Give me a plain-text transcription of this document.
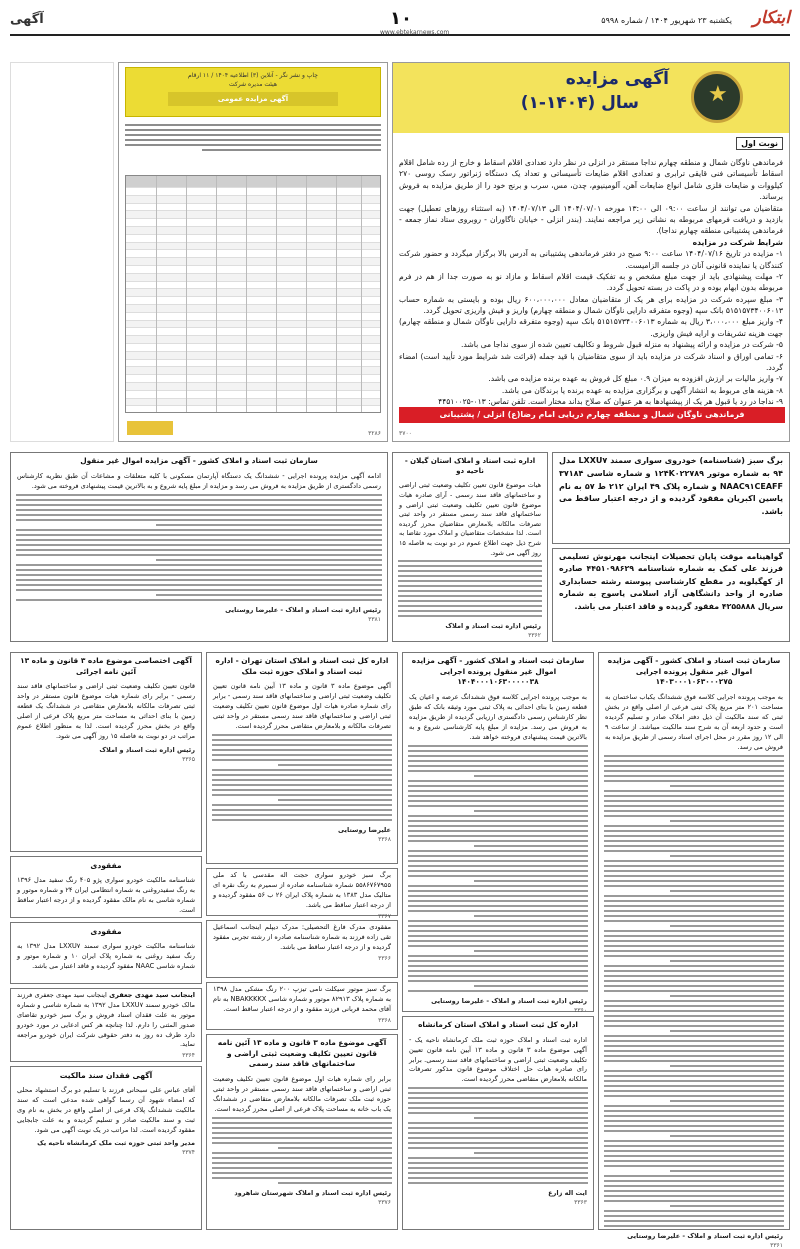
ابتکار
یکشنبه ۲۳ شهریور ۱۴۰۴ / شماره ۵۹۹۸
۱۰
www.ebtekarnews.com
آگهی
★
آگهی مزایده
سال (۱۴۰۴-۱)
نوبت اول
فرماندهی ناوگان شمال و منطقه چهارم نداجا مستقر در انزلی در نظر دارد تعدادی اقلام اسقاط و خارج از رده شامل اقلام اسقاط تأسیساتی فنی قایقی ترابری و تعدادی اقلام ضایعات تأسیساتی و تعداد یک دستگاه ژنراتور رسک روسی ۲۷۰ کیلووات و ضایعات فلزی شامل انواع ضایعات آهن، آلومینیوم، چدن، مس، سرب و برنج خود را از طریق مزایده به فروش برساند.
متقاضیان می توانند از ساعت ۰۹:۰۰ الی ۱۳:۰۰ مورخه ۱۴۰۴/۰۷/۰۱ الی ۱۴۰۴/۰۷/۱۳ (به استثناء روزهای تعطیل) جهت بازدید و دریافت فرمهای مربوطه به نشانی زیر مراجعه نمایند. (بندر انزلی - خیابان ناگاوران - روبروی ستاد نماز جمعه - فرماندهی پشتیبانی منطقه چهارم نداجا).
شرایط شرکت در مزایده
۱- مزایده در تاریخ ۱۴۰۴/۰۷/۱۶ ساعت ۹:۰۰ صبح در دفتر فرماندهی پشتیبانی به آدرس بالا برگزار میگردد و حضور شرکت کنندگان یا نماینده قانونی آنان در جلسه الزامیست.
۲- مهلت پیشنهادی باید از جهت مبلغ مشخص و به تفکیک قیمت اقلام اسقاط و مازاد نو به صورت جدا از هم در فرم مربوطه بدون ابهام بوده و در پاکت در بسته تحویل گردد.
۳- مبلغ سپرده شرکت در مزایده برای هر یک از متقاضیان معادل ۶۰۰،۰۰۰،۰۰۰ ریال بوده و بایستی به شماره حساب ۵۱۵۱۵۷۳۴۰۰۶۰۱۳ بانک سپه (وجوه متفرقه دارایی ناوگان شمال و منطقه چهارم) واریز و فیش واریزی تحویل گردد.
۴- واریز مبلغ ۳،۰۰۰،۰۰۰ ریال به شماره ۵۱۵۱۵۷۳۴۰۰۶۰۱۳ بانک سپه (وجوه متفرقه دارایی ناوگان شمال و منطقه چهارم) جهت هزینه تشریفات و ارایه فیش واریزی.
۵- شرکت در مزایده و ارائه پیشنهاد به منزله قبول شروط و تکالیف تعیین شده از سوی نداجا می باشد.
۶- تمامی اوراق و اسناد شرکت در مزایده باید از سوی متقاضیان با قید جمله (قرائت شد شرایط مورد تأیید است) امضاء گردد.
۷- واریز مالیات بر ارزش افزوده به میزان ۰.۹ مبلغ کل فروش به عهده برنده مزایده می باشد.
۸- هزینه های مربوط به انتشار آگهی و برگزاری مزایده به عهده برنده یا برندگان می باشد.
۹- نداجا در رد یا قبول هر یک از پیشنهادها به هر عنوان که صلاح بداند مختار است. تلفن تماس: ۰۱۳-۴۴۵۱۰۰۲۵
فرماندهی ناوگان شمال و منطقه چهارم دریایی امام رضا(ع) انزلی / پشتیبانی
۳۷۰۰
چاپ و نشر نگر - آنلاین (۳) اطلاعیه ۱۴۰۴ / ۱۱ ارقام
هیئت مدیره شرکت
آگهی مزایده عمومی
۳۲۸۶
برگ سبز (شناسنامه) خودروی سواری سمند LXXU۷ مدل ۹۴ به شماره موتور ۱۲۴K۰۲۲۷۸۹ و شماره شاسی ۳۷۱۸۴ NAAC۹۱CEAFF و شماره پلاک ۴۹ ایران ۲۱۲ ط ۵۷ به نام یاسین اکبریان مفقود گردیده و از درجه اعتبار ساقط می باشد.
گواهینامه موقت پایان تحصیلات اینجانب مهرنوش تسلیمی فرزند علی کمک به شماره شناسنامه ۴۴۵۱۰۹۸۶۲۹ صادره از کهگیلویه در مقطع کارشناسی پیوسته رشته حسابداری صادره از واحد دانشگاهی آزاد اسلامی یاسوج به شماره سریال ۴۲۵۵۸۸۸ مفقود گردیده و فاقد اعتبار می باشد.
اداره ثبت اسناد و املاک استان گیلان - ناحیه دو
هیات موضوع قانون تعیین تکلیف وضعیت ثبتی اراضی و ساختمانهای فاقد سند رسمی - آرای صادره هیات موضوع قانون تعیین تکلیف وضعیت ثبتی اراضی و ساختمانهای فاقد سند رسمی مستقر در واحد ثبتی تصرفات مالکانه بلامعارض متقاضیان محرز گردیده است. لذا مشخصات متقاضیان و املاک مورد تقاضا به شرح ذیل جهت اطلاع عموم در دو نوبت به فاصله ۱۵ روز آگهی می شود.
رئیس اداره ثبت اسناد و املاک
۳۳۶۲
سازمان ثبت اسناد و املاک کشور - آگهی مزایده اموال غیر منقول پرونده اجرایی ۱۴۰۳۰۰۰۱۰۶۳۰۰۰۲۷۵
به موجب پرونده اجرایی کلاسه فوق ششدانگ یکباب ساختمان به مساحت ۲۰۱ متر مربع پلاک ثبتی فرعی از اصلی واقع در بخش ثبتی که سند مالکیت آن ذیل دفتر املاک صادر و تسلیم گردیده است و حدود اربعه آن به شرح سند مالکیت میباشد. از ساعت ۹ الی ۱۲ روز مقرر در محل اجرای اسناد رسمی از طریق مزایده به فروش می رسد.
رئیس اداره ثبت اسناد و املاک - علیرضا روستایی
۳۳۶۱
سازمان ثبت اسناد و املاک کشور - آگهی مزایده اموال غیر منقول پرونده اجرایی ۱۴۰۴۰۰۰۱۰۶۳۰۰۰۰۰۳۸
به موجب پرونده اجرایی کلاسه فوق ششدانگ عرصه و اعیان یک قطعه زمین با بنای احداثی به پلاک ثبتی مورد وثیقه بانک که طبق نظر کارشناس رسمی دادگستری ارزیابی گردیده از طریق مزایده به فروش می رسد. مزایده از مبلغ پایه کارشناسی شروع و به بالاترین قیمت پیشنهادی فروخته خواهد شد.
رئیس اداره ثبت اسناد و املاک - علیرضا روستایی
۳۳۶۰
اداره کل ثبت اسناد و املاک استان کرمانشاه
اداره ثبت اسناد و املاک حوزه ثبت ملک کرمانشاه ناحیه یک - آگهی موضوع ماده ۳ قانون و ماده ۱۳ آیین نامه قانون تعیین تکلیف وضعیت ثبتی اراضی و ساختمانهای فاقد سند رسمی. برابر رای صادره هیات حل اختلاف موضوع قانون مذکور تصرفات مالکانه بلامعارض متقاضی محرز گردیده است.
ایت اله زارع
۳۳۶۳
اداره کل ثبت اسناد و املاک استان تهران - اداره ثبت اسناد و املاک حوزه ثبت ملک
آگهی موضوع ماده ۳ قانون و ماده ۱۳ آیین نامه قانون تعیین تکلیف وضعیت ثبتی اراضی و ساختمانهای فاقد سند رسمی - برابر رای شماره صادره هیات اول موضوع قانون تعیین تکلیف وضعیت ثبتی اراضی و ساختمانهای فاقد سند رسمی مستقر در واحد ثبتی تصرفات مالکانه و بلامعارض متقاضی محرز گردیده است.
علیرضا روستایی
۳۳۶۸
برگ سبز خودرو سواری حجت اله مقدسی با کد ملی ۵۵۸۶۷۶۷۹۵۵ شماره شناسنامه صادره از سمیرم به رنگ نقره ای متالیک مدل ۱۳۸۳ به شماره پلاک ایران ۲۶ ب ۵۶ مفقود گردیده و از درجه اعتبار ساقط می باشد.
۳۳۶۷
مفقودی مدرک فارغ التحصیلی: مدرک دیپلم اینجانب اسماعیل تقی زاده فرزند به شماره شناسنامه صادره از رشته تجربی مفقود گردیده و از درجه اعتبار ساقط می باشد.
۳۳۶۶
برگ سبز موتور سیکلت نامی تیزپ ۲۰۰ رنگ مشکی مدل ۱۳۹۸ به شماره پلاک ۸۲۹۱۳ موتور و شماره شاسی NBAKKKKX به نام آقای محمد قربانی فرزند مفقود و از درجه اعتبار ساقط است.
۳۳۶۸
آگهی موضوع ماده ۳ قانون و ماده ۱۳ آئین نامه قانون تعیین تکلیف وضعیت ثبتی اراضی و ساختمانهای فاقد سند رسمی
برابر رای شماره هیات اول موضوع قانون تعیین تکلیف وضعیت ثبتی اراضی و ساختمانهای فاقد سند رسمی مستقر در واحد ثبتی حوزه ثبت ملک تصرفات مالکانه بلامعارض متقاضی در ششدانگ یک باب خانه به مساحت پلاک فرعی از اصلی محرز گردیده است.
رئیس اداره ثبت اسناد و املاک شهرستان شاهرود
۳۳۷۶
آگهی اختصاصی موضوع ماده ۳ قانون و ماده ۱۳ آئین نامه اجرائی
قانون تعیین تکلیف وضعیت ثبتی اراضی و ساختمانهای فاقد سند رسمی - برابر رای شماره هیات موضوع قانون مستقر در واحد ثبتی تصرفات مالکانه بلامعارض متقاضی در ششدانگ یک قطعه زمین با بنای احداثی به مساحت متر مربع پلاک فرعی از اصلی واقع در بخش محرز گردیده است. لذا به منظور اطلاع عموم مراتب در دو نوبت به فاصله ۱۵ روز آگهی می شود.
رئیس اداره ثبت اسناد و املاک
۳۳۶۵
مفقودی
شناسنامه مالکیت خودرو سواری پژو ۴۰۵ رنگ سفید مدل ۱۳۹۶ به رنگ سفیدروغنی به شماره انتظامی ایران ۲۴ و شماره موتور و شماره شاسی به نام مالک مفقود گردیده و از درجه اعتبار ساقط است.
مفقودی
شناسنامه مالکیت خودرو سواری سمند LXXU۷ مدل ۱۳۹۲ به رنگ سفید روغنی به شماره پلاک ایران ۱۰ و شماره موتور و شماره شاسی NAAC مفقود گردیده و فاقد اعتبار می باشد.
اینجانب سید مهدی جعفری اینجانب سید مهدی جعفری فرزند مالک خودرو سمند LXXU۷ مدل ۱۳۹۲ به شماره شاسی و شماره موتور به علت فقدان اسناد فروش و برگ سبز خودرو تقاضای صدور المثنی را دارم. لذا چنانچه هر کس ادعایی در مورد خودرو دارد ظرف ده روز به دفتر حقوقی شرکت ایران خودرو مراجعه نماید.
۳۳۶۴
آگهی فقدان سند مالکیت
آقای عباس علی سبحانی فرزند با تسلیم دو برگ استشهاد محلی که امضاء شهود آن رسما گواهی شده مدعی است که سند مالکیت ششدانگ پلاک فرعی از اصلی واقع در بخش به نام وی ثبت و سند مالکیت صادر و تسلیم گردیده و به علت جابجایی مفقود گردیده است. لذا مراتب در یک نوبت آگهی می شود.
مدیر واحد ثبتی حوزه ثبت ملک کرمانشاه ناحیه یک
۳۳۷۴
سازمان ثبت اسناد و املاک کشور - آگهی مزایده اموال غیر منقول
ادامه آگهی مزایده پرونده اجرایی - ششدانگ یک دستگاه آپارتمان مسکونی با کلیه متعلقات و مشاعات آن طبق نظریه کارشناس رسمی دادگستری از طریق مزایده به فروش می رسد و مزایده از مبلغ پایه شروع و به بالاترین قیمت پیشنهادی فروخته می شود.
رئیس اداره ثبت اسناد و املاک - علیرضا روستایی
۳۳۸۱
